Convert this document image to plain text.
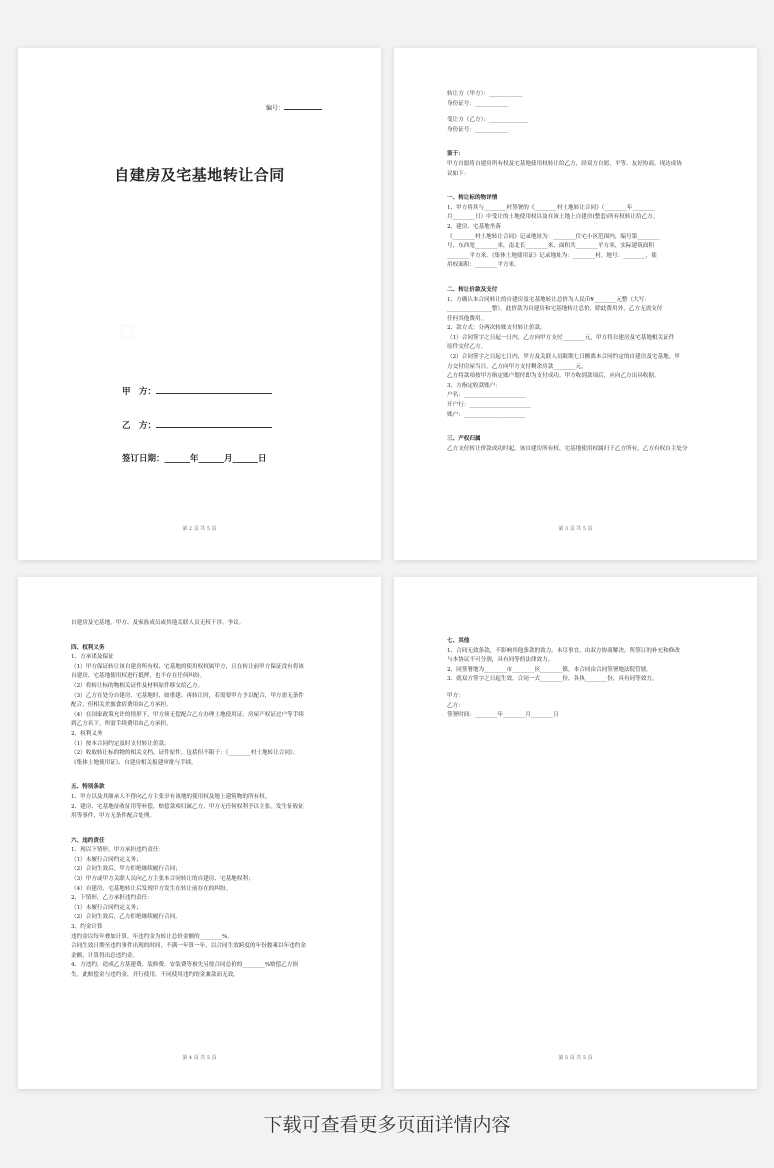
编号：
自建房及宅基地转让合同
甲　方：
乙　方：
签订日期：______年______月______日
第 2 页 共 5 页
转让方（甲方）：____________
身份证号：____________
受让方（乙方）：______________
身份证号：____________
鉴于：
甲方自愿将自建房所有权及宅基地使用权转让给乙方，经双方自愿、平等、友好协商，现达成协
议如下：
一、转让标的物详情
1、甲方将其与________村签署的《________村土地转让合同》（________年________
月________日）中受让的土地使用权以及在该土地上自建房(整套)所有权转让给乙方。
2、建房、宅基地坐落
《________村土地转让合同》记录地址为：________住宅小区范围内，编号第________
号，东西宽________米，南北长________米，面积共________平方米，实际建筑面积
________平方米。《集体土地使用证》记录地址为：________村，地号：________，使
用权面积：________平方米。
二、转让价款及支付
1、方确认本合同转让的自建房及宅基地转让总价为人民币¥________元整（大写：
________________整），此价款为自建房和宅基地转让总价，除此费用外，乙方无需支付
任何其他费用。
2、款方式：分两次转账支付转让价款。
（1）合同签字之日起一日内，乙方向甲方支付________元，甲方将自建房及宅基地相关证件
原件交付乙方。
（2）合同签字之日起七日内，甲方及关联人员限期七日搬离本合同约定的自建房及宅基地。甲
方交付房屋当日，乙方向甲方支付剩余房款________元。
乙方将款项按甲方指定账户划付即为支付成功。甲方收到款项后，应向乙方出具收据。
3、方指定收款账户：
户名：______________________
开户行：______________________
账户：______________________
三、产权归属
乙方支付转让价款成功时起，该自建房所有权、宅基地使用权属归于乙方所有，乙方有权自主处分
第 3 页 共 5 页
自建房及宅基地，甲方、及家族成员或其他关联人员无权干涉、争议。
四、权利义务
1、方承诺及保证
（1）甲方保证转让该自建房所有权、宅基地的使用权权属甲方，且在转让前甲方保证没有将该
自建房、宅基地使用权进行抵押，也不存在任何纠纷。
（2）将转让标的物相关证件及材料原件移交给乙方。
（3）乙方在处分自建房、宅基地时，如重建、再转让时，若需要甲方予以配合，甲方需无条件
配合，但相关差旅食宿费用由乙方承担。
（4）在国家政策允许的情形下，甲方须无偿配合乙方办理土地使用证、房屋产权证过户等手续
到乙方名下，所需手续费用由乙方承担。
2、权利义务
（1）按本合同约定及时支付转让价款。
（2）收取转让标的物的相关文档、证件原件，包括但不限于：《________村土地转让合同》、
《集体土地使用证》、自建房相关报建审批与手续。
五、特别条款
1、甲方以及其继承人不得向乙方主张享有该地的使用权及地上建筑物的所有权。
2、建房、宅基地征收征用等补偿，赔偿款项归属乙方，甲方无任何权利予以主张。发生征收征
用等事件，甲方无条件配合处理。
六、违约责任
1、现以下情形，甲方承担违约责任：
（1）未履行合同约定义务；
（2）合同生效后，甲方拒绝继续履行合同；
（3）甲方或甲方关联人员向乙方主张本合同转让的自建房、宅基地权利；
（4）自建房、宅基地转让后发现甲方发生在转让前存在的纠纷。
2、下情形，乙方承担违约责任：
（1）未履行合同约定义务；
（2）合同生效后，乙方拒绝继续履行合同。
3、约金计算
违约金以每年叠加计算，年违约金为转让总价金额的________%。
合同生效日期至违约事件出现的时间，不满一年算一年，以合同生效跨度的年份数乘以年违约金
金额，计算得出总违约金。
4、方违约，造成乙方基建费、装修费、安装费等损失另按合同总价的________%赔偿乙方损
失。此赔偿金与违约金，并行使用，不同使用违约的金兼款而无效。
第 4 页 共 5 页
七、其他
1、合同无效条款，不影响其他条款的效力。未尽事宜，由双方协商解决，所签订的补充和修改
与本协议不可分割，具有同等的法律效力。
2、同签署地为________市________区________镇，本合同由合同签署地法院管辖。
3、就双方签字之日起生效，合同一式________份，各执________份，具有同等效力。
甲方：
乙方：
签署时间：________年________月________日
第 5 页 共 5 页
下载可查看更多页面详情内容
